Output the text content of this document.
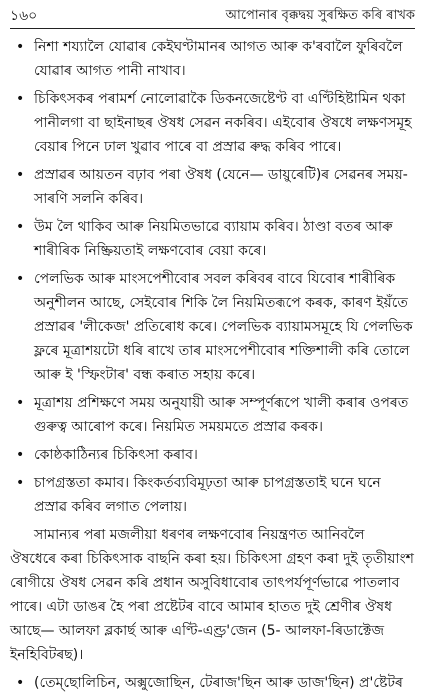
১৬০	আপোনাৰ বৃক্কদ্বয় সুৰক্ষিত কৰি ৰাখক
• নিশা শয্যালৈ যোৱাৰ কেইঘণ্টামানৰ আগত আৰু ক'ৰবালৈ ফুৰিবলৈ যোৱাৰ আগত পানী নাখাব।
• চিকিৎসকৰ পৰামৰ্শ নোলোৱাকৈ ডিকনজেষ্টেণ্ট বা এণ্টিহিষ্টামিন থকা পানীলগা বা ছাইনাছৰ ঔষধ সেৱন নকৰিব। এইবোৰ ঔষধে লক্ষণসমূহ বেয়াৰ পিনে ঢাল খুৱাব পাৰে বা প্ৰস্ৰাৱ ৰুদ্ধ কৰিব পাৰে।
• প্ৰস্ৰাৱৰ আয়তন বঢ়াব পৰা ঔষধ (যেনে— ডায়ুৰেটি)ৰ সেৱনৰ সময়-সাৰণি সলনি কৰিব।
• উম লৈ থাকিব আৰু নিয়মিতভাৱে ব্যায়াম কৰিব। ঠাণ্ডা বতৰ আৰু শাৰীৰিক নিষ্ক্ৰিয়তাই লক্ষণবোৰ বেয়া কৰে।
• পেলভিক আৰু মাংসপেশীবোৰ সবল কৰিবৰ বাবে যিবোৰ শাৰীৰিক অনুশীলন আছে, সেইবোৰ শিকি লৈ নিয়মিতৰূপে কৰক, কাৰণ ইয়ঁতে প্ৰস্ৰাৱৰ 'লীকেজ' প্ৰতিৰোধ কৰে। পেলভিক ব্যায়ামসমূহে যি পেলভিক ফ্লৰে মূত্ৰাশয়টো ধৰি ৰাখে তাৰ মাংসপেশীবোৰ শক্তিশালী কৰি তোলে আৰু ই 'স্ফিংটাৰ' বন্ধ কৰাত সহায় কৰে।
• মূত্ৰাশয় প্ৰশিক্ষণে সময় অনুযায়ী আৰু সম্পূৰ্ণৰূপে খালী কৰাৰ ওপৰত গুৰুত্ব আৰোপ কৰে। নিয়মিত সময়মতে প্ৰস্ৰাৱ কৰক।
• কোষ্ঠকাঠিন্যৰ চিকিৎসা কৰাব।
• চাপগ্ৰস্ততা কমাব। কিংকৰ্তব্যবিমূঢ়তা আৰু চাপগ্ৰস্ততাই ঘনে ঘনে প্ৰস্ৰাৱ কৰিব লগাত পেলায়।

সামান্যৰ পৰা মজলীয়া ধৰণৰ লক্ষণবোৰ নিয়ন্ত্ৰণত আনিবলৈ ঔষধেৰে কৰা চিকিৎসাক বাছনি কৰা হয়। চিকিৎসা গ্ৰহণ কৰা দুই তৃতীয়াংশ ৰোগীয়ে ঔষধ সেৱন কৰি প্ৰধান অসুবিধাবোৰ তাৎপৰ্যপূৰ্ণভাৱে পাতলাব পাৰে। এটা ডাঙৰ হৈ পৰা প্ৰষ্টেটৰ বাবে আমাৰ হাতত দুই শ্ৰেণীৰ ঔষধ আছে— আলফা ব্লকাৰ্ছ আৰু এণ্টি-এণ্ড্ৰ'জেন (5- আলফা-ৰিডাক্টেজ ইনহিবিটৰছ)।

• (তেম্‌ছোলিচিন, অক্সুজোছিন, টেৰাজ'ছিন আৰু ডাজ'ছিন) প্ৰ'ষ্টেটৰ
